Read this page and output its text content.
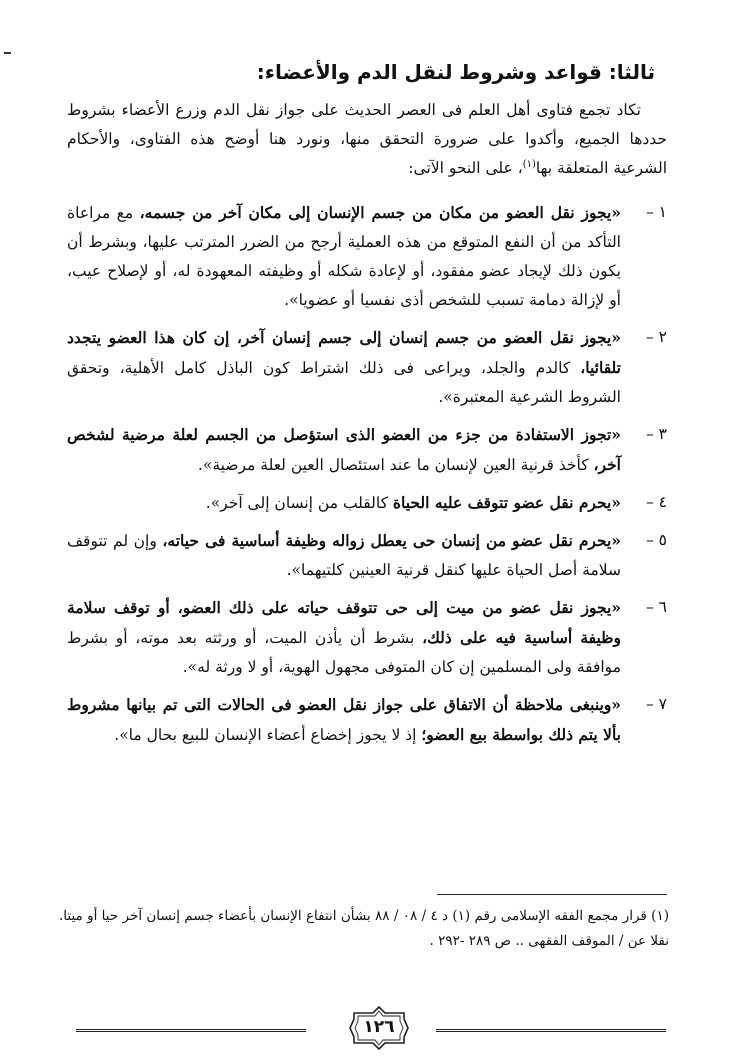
ثالثا: قواعد وشروط لنقل الدم والأعضاء:

تكاد تجمع فتاوى أهل العلم فى العصر الحديث على جواز نقل الدم وزرع الأعضاء بشروط حددها الجميع، وأكدوا على ضرورة التحقق منها، ونورد هنا أوضح هذه الفتاوى، والأحكام الشرعية المتعلقة بها$^{(١)}$، على النحو الآتى:

١ –
«يجوز نقل العضو من مكان من جسم الإنسان إلى مكان آخر من جسمه، مع مراعاة التأكد من أن النفع المتوقع من هذه العملية أرجح من الضرر المترتب عليها، وبشرط أن يكون ذلك لإيجاد عضو مفقود، أو لإعادة شكله أو وظيفته المعهودة له، أو لإصلاح عيب، أو لإزالة دمامة تسبب للشخص أذى نفسيا أو عضويا».
٢ –
«يجوز نقل العضو من جسم إنسان إلى جسم إنسان آخر، إن كان هذا العضو يتجدد تلقائيا، كالدم والجلد، ويراعى فى ذلك اشتراط كون الباذل كامل الأهلية، وتحقق الشروط الشرعية المعتبرة».
٣ –
«تجوز الاستفادة من جزء من العضو الذى استؤصل من الجسم لعلة مرضية لشخص آخر، كأخذ قرنية العين لإنسان ما عند استئصال العين لعلة مرضية».
٤ –
«يحرم نقل عضو تتوقف عليه الحياة كالقلب من إنسان إلى آخر».
٥ –
«يحرم نقل عضو من إنسان حى يعطل زواله وظيفة أساسية فى حياته، وإن لم تتوقف سلامة أصل الحياة عليها كنقل قرنية العينين كلتيهما».
٦ –
«يجوز نقل عضو من ميت إلى حى تتوقف حياته على ذلك العضو، أو توقف سلامة وظيفة أساسية فيه على ذلك، بشرط أن يأذن الميت، أو ورثته بعد موته، أو بشرط موافقة ولى المسلمين إن كان المتوفى مجهول الهوية، أو لا ورثة له».
٧ –
«وينبغى ملاحظة أن الاتفاق على جواز نقل العضو فى الحالات التى تم بيانها مشروط بألا يتم ذلك بواسطة بيع العضو؛ إذ لا يجوز إخضاع أعضاء الإنسان للبيع بحال ما».

(١) قرار مجمع الفقه الإسلامى رقم (١) د ٤ / ٠٨ / ٨٨ بشأن انتفاع الإنسان بأعضاء جسم إنسان آخر حيا أو ميتا. نقلا عن / الموقف الفقهى .. ص ٢٨٩ -٢٩٢ .

١٢٦
